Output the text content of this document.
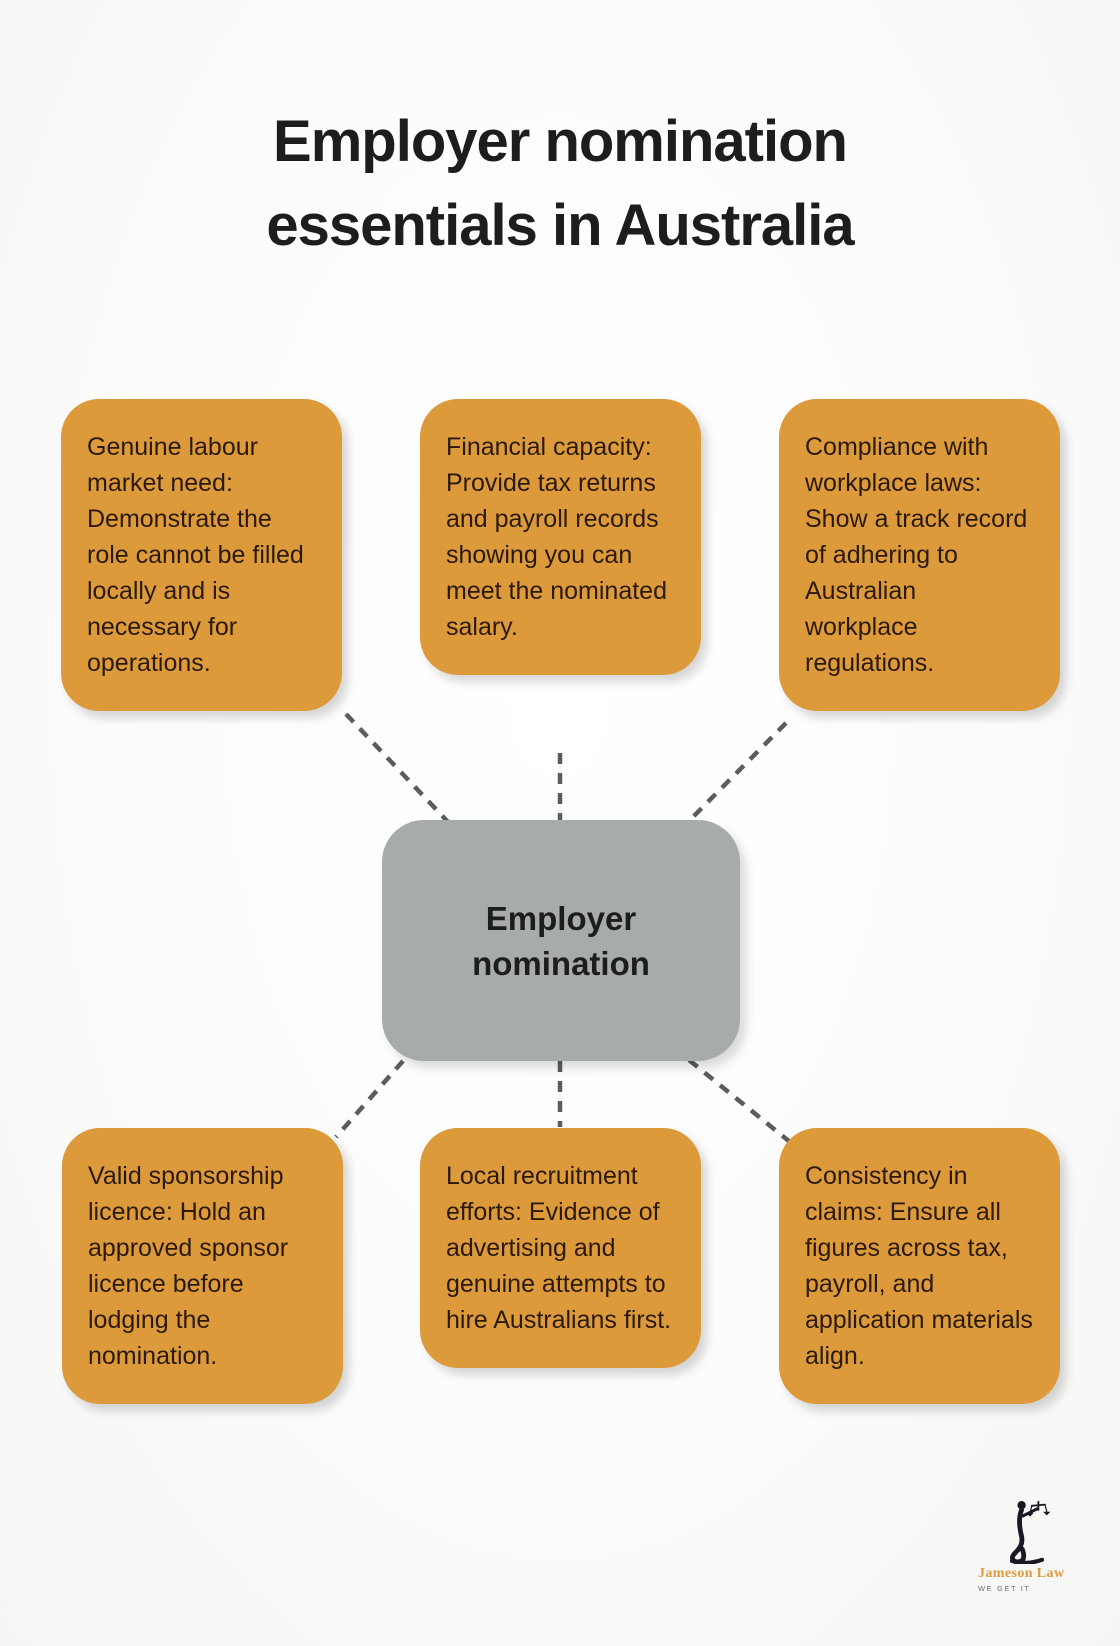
Employer nomination
essentials in Australia
Genuine labour market need: Demonstrate the role cannot be filled locally and is necessary for operations.
Financial capacity: Provide tax returns and payroll records showing you can meet the nominated salary.
Compliance with workplace laws: Show a track record of adhering to Australian workplace regulations.
Valid sponsorship licence: Hold an approved sponsor licence before lodging the nomination.
Local recruitment efforts: Evidence of advertising and genuine attempts to hire Australians first.
Consistency in claims: Ensure all figures across tax, payroll, and application materials align.
Employer
nomination
Jameson Law
WE GET IT
